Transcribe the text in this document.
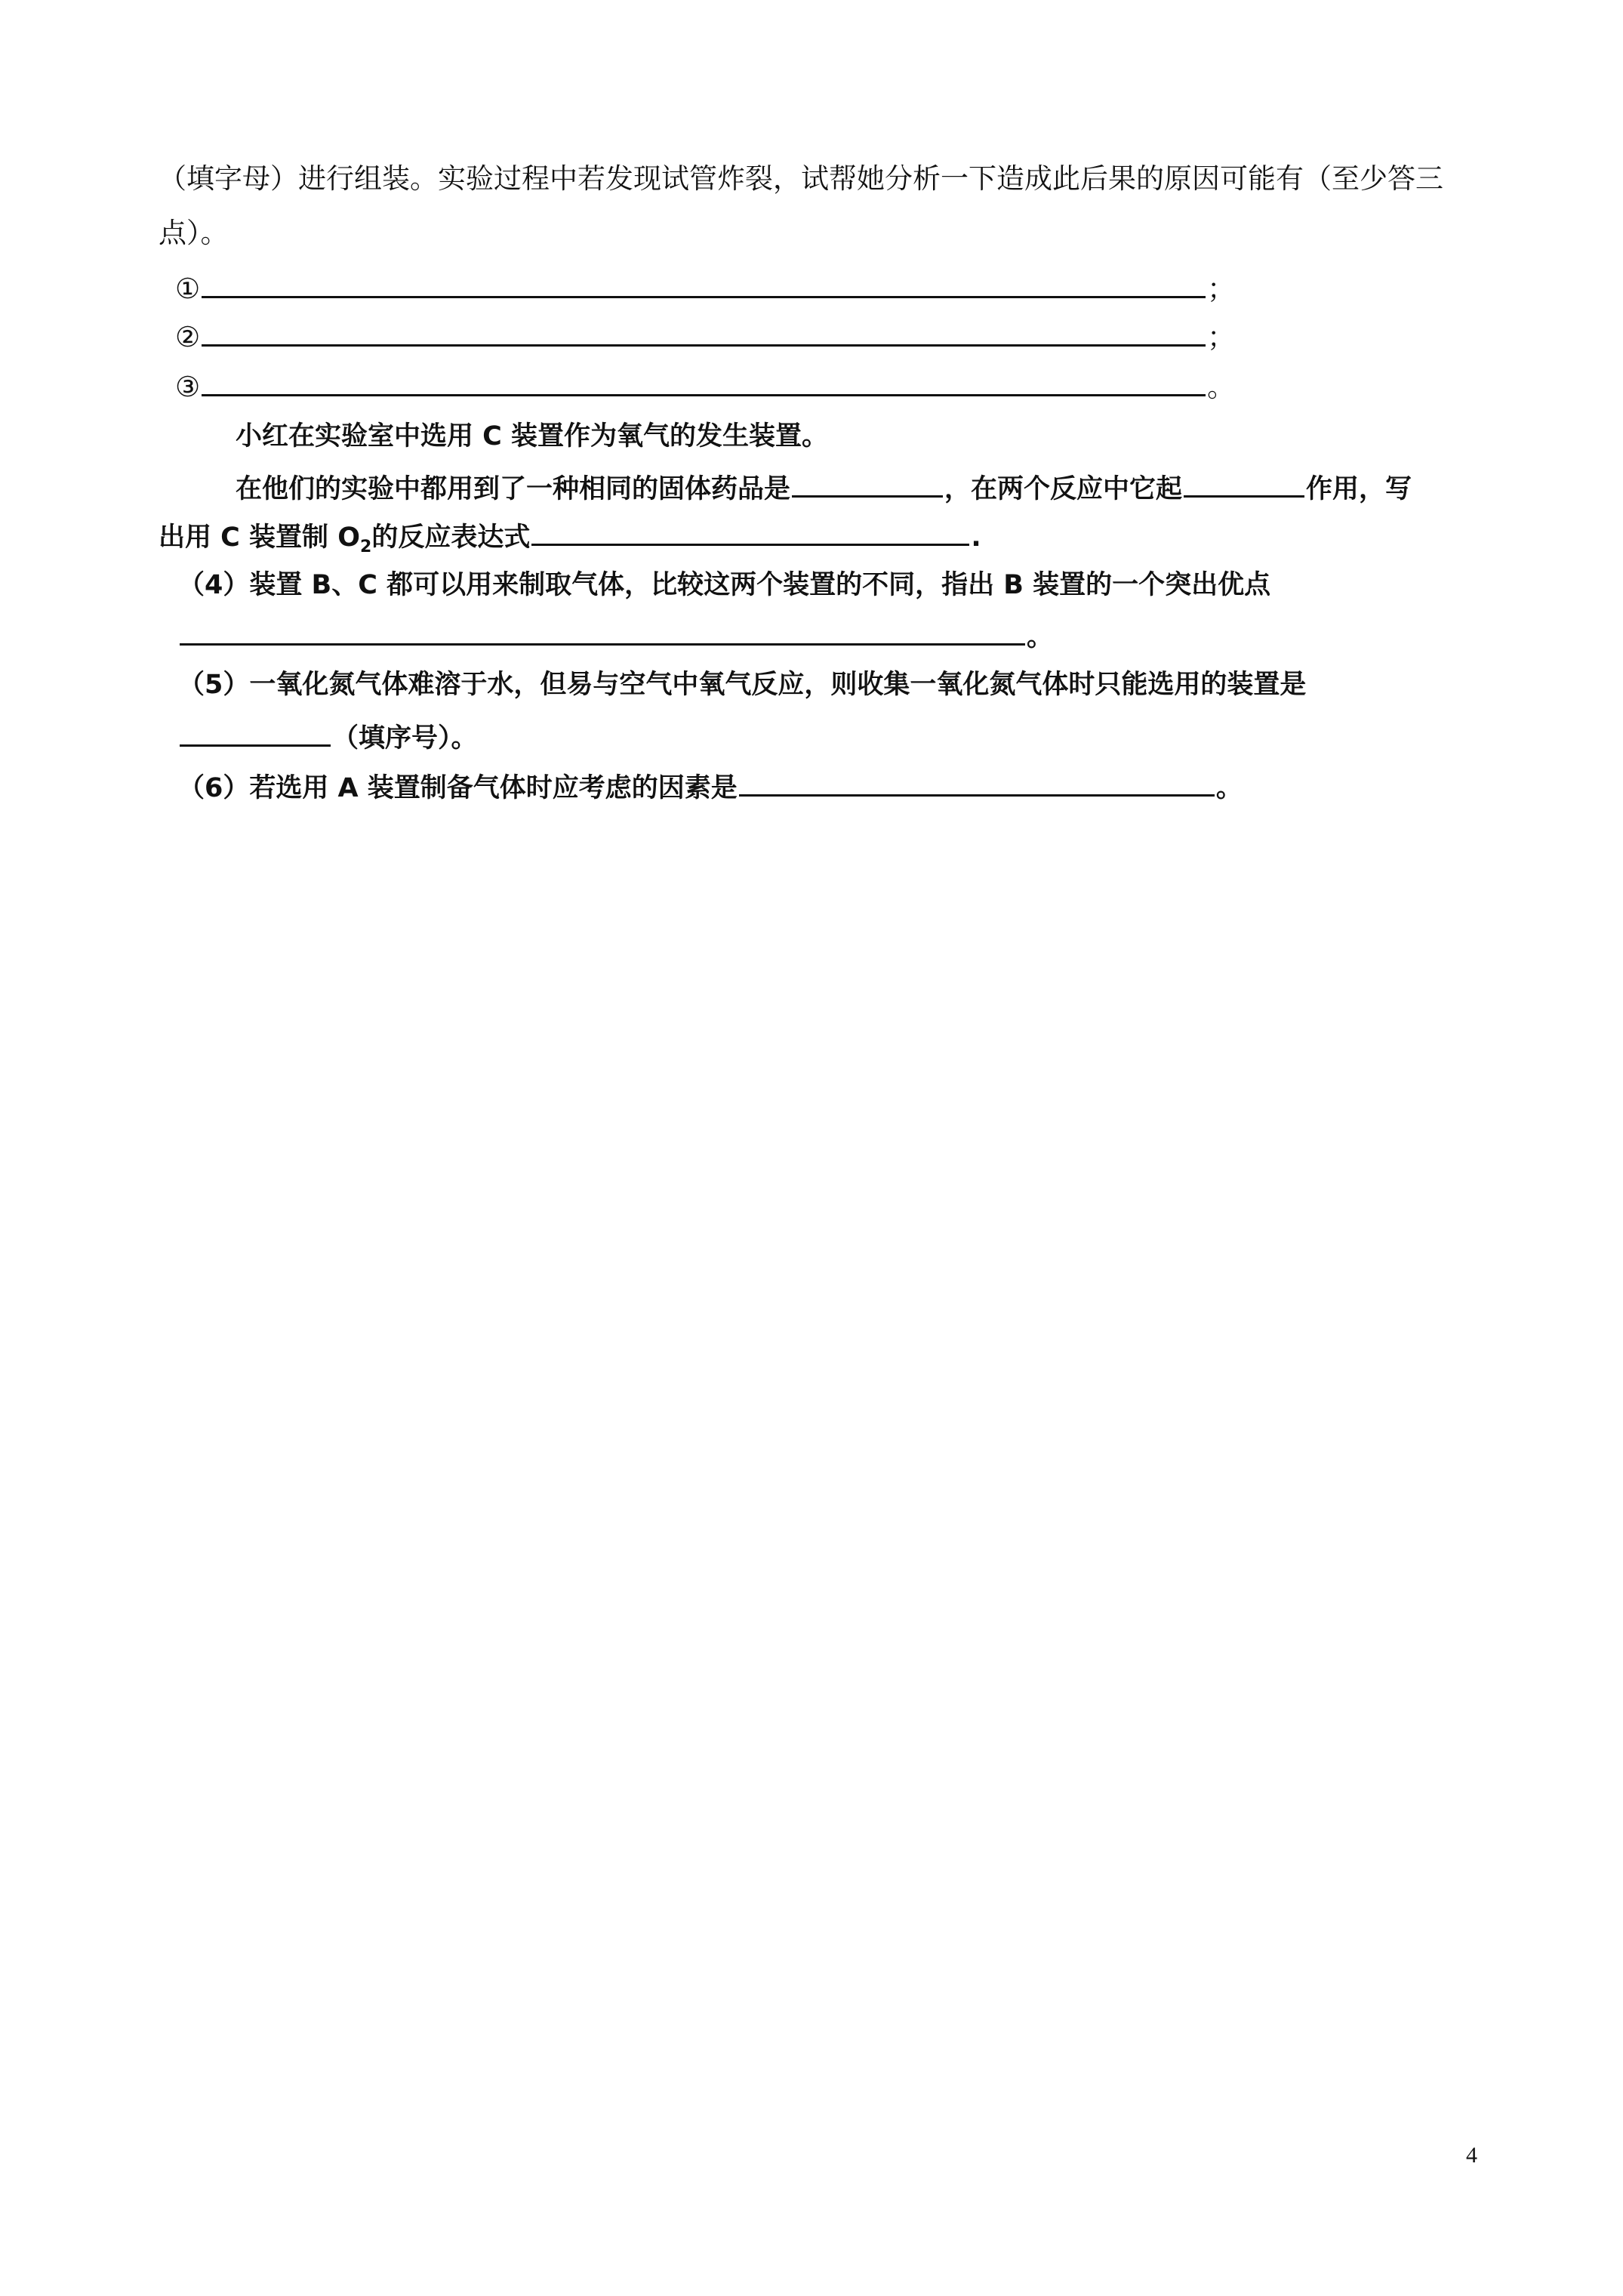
（填字母）进行组装。实验过程中若发现试管炸裂，试帮她分析一下造成此后果的原因可能有（至少答三
点）。
①	；
②	；
③	。
小红在实验室中选用 C 装置作为氧气的发生装置。
在他们的实验中都用到了一种相同的固体药品是	，在两个反应中它起	作用，写
出用 C 装置制 $O_2$的反应表达式	.
（4）装置 B、C 都可以用来制取气体，比较这两个装置的不同，指出 B 装置的一个突出优点
。
（5）一氧化氮气体难溶于水，但易与空气中氧气反应，则收集一氧化氮气体时只能选用的装置是
（填序号）。
（6）若选用 A 装置制备气体时应考虑的因素是	。
4
